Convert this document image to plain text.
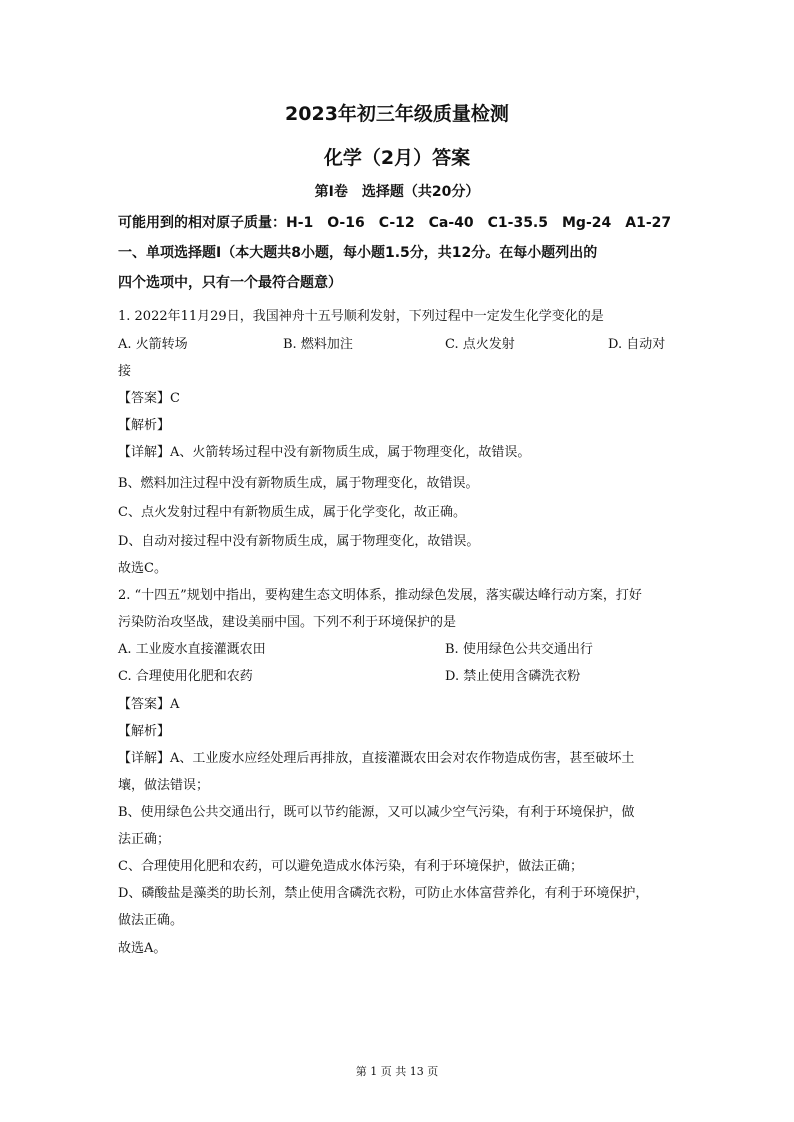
2023年初三年级质量检测
化学（2月）答案
第I卷　选择题（共20分）
可能用到的相对原子质量：H-1　O-16　C-12　Ca-40　C1-35.5　Mg-24　A1-27
一、单项选择题I（本大题共8小题，每小题1.5分，共12分。在每小题列出的
四个选项中，只有一个最符合题意）
1. 2022年11月29日，我国神舟十五号顺利发射，下列过程中一定发生化学变化的是
A. 火箭转场	B. 燃料加注	C. 点火发射	D. 自动对
接
【答案】C
【解析】
【详解】A、火箭转场过程中没有新物质生成，属于物理变化，故错误。
B、燃料加注过程中没有新物质生成，属于物理变化，故错误。
C、点火发射过程中有新物质生成，属于化学变化，故正确。
D、自动对接过程中没有新物质生成，属于物理变化，故错误。
故选C。
2. “十四五”规划中指出，要构建生态文明体系，推动绿色发展，落实碳达峰行动方案，打好
污染防治攻坚战，建设美丽中国。下列不利于环境保护的是
A. 工业废水直接灌溉农田	B. 使用绿色公共交通出行
C. 合理使用化肥和农药	D. 禁止使用含磷洗衣粉
【答案】A
【解析】
【详解】A、工业废水应经处理后再排放，直接灌溉农田会对农作物造成伤害，甚至破坏土
壤，做法错误；
B、使用绿色公共交通出行，既可以节约能源，又可以减少空气污染，有利于环境保护，做
法正确；
C、合理使用化肥和农药，可以避免造成水体污染，有利于环境保护，做法正确；
D、磷酸盐是藻类的助长剂，禁止使用含磷洗衣粉，可防止水体富营养化，有利于环境保护，
做法正确。
故选A。
第 1 页 共 13 页
